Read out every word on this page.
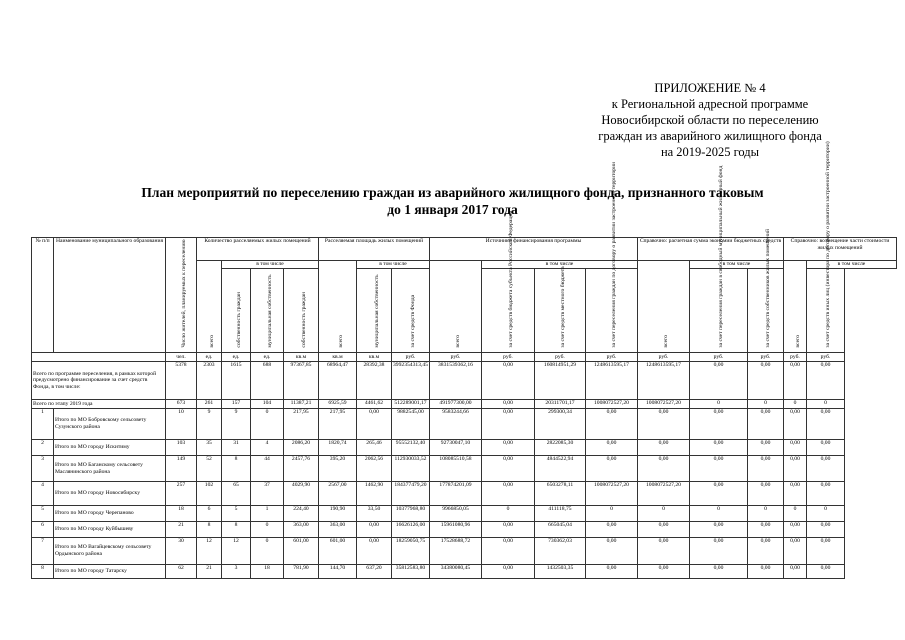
ПРИЛОЖЕНИЕ № 4
к Региональной адресной программе
Новосибирской области по переселению
граждан из аварийного жилищного фонда
на 2019-2025 годы
План мероприятий по переселению граждан из аварийного жилищного фонда, признанного таковым
до 1 января 2017 года
№ п/п	Наименование муниципального образования	Число жителей, планируемых к переселению	Количество расселяемых жилых помещений				Расселяемая площадь жилых помещений			Источники финансирования программы				Справочно: расчетная сумма экономии бюджетных средств			Справочно: возмещение части стоимости жилых помещений	

			всего	в том числе			всего	в том числе		всего	в том числе			всего	в том числе		всего	в том числе

				собственность граждан	муниципальная собственность	собственность граждан		муниципальная собственность	за счет средств Фонда		за счет средств бюджета субъекта Российской Федерации	за счет средств местного бюджета	за счет переселения граждан по договору о развитии застроенной территории		за счет переселения граждан в свободный муниципальный жилищный фонд	за счет средств собственников жилых помещений		за счет средств иных лиц (инвестора по договору о развитии застроенной территории)

		чел.	ед.	ед.	ед.	кв.м	кв.м	кв.м	руб.	руб.	руб.	руб.	руб.	руб.	руб.	руб.	руб.	руб.
Всего по программе переселения, в рамках которой предусмотрено финансирование за счет средств Фонда, в том числе:		5378	2303	1615	688	97367,85	68964,47	28392,38	3992354313,45	3831539362,16	0,00	160814951,29	1248613595,17	1248613595,17	0,00	0,00	0,00	0,00
Всего по этапу 2019 года		673	261	157	104	11387,21	6925,59	4461,62	512289001,17	491977300,00	0,00	20311701,17	1008072527,20	1008072527,20	0	0	0	0
1	Итого по МО Бобровскому сельсовету Сузунского района	10	9	9	0	217,95	217,95	0,00	9882545,00	9583244,66	0,00	299300,34	0,00	0,00	0,00	0,00	0,00	0,00
2	Итого по МО городу Искитиму	103	35	31	4	2086,20	1820,74	265,46	95552132,40	92730047,10	0,00	2822085,30	0,00	0,00	0,00	0,00	0,00	0,00
3	Итого по МО Баганскому сельсовету Маслянинского района	149	52	8	44	2457,76	395,20	2062,56	112930033,52	108085510,58	0,00	4844522,94	0,00	0,00	0,00	0,00	0,00	0,00
4	Итого по МО городу Новосибирску	257	102	65	37	4029,90	2567,00	1462,90	184377479,20	177874201,09	0,00	6503278,11	1008072527,20	1008072527,20	0,00	0,00	0,00	0,00
5	Итого по МО городу Черепаново	18	6	5	1	224,40	190,90	33,50	10377968,80	9966850,05	0	411118,75	0	0	0	0	0	0
6	Итого по МО городу Куйбышеву	21	8	8	0	363,00	363,00	0,00	16626126,00	15961080,96	0,00	665045,04	0,00	0,00	0,00	0,00	0,00	0,00
7	Итого по МО Вагайцевскому сельсовету Ордынского района	30	12	12	0	601,00	601,00	0,00	18259050,75	17528688,72	0,00	730362,03	0,00	0,00	0,00	0,00	0,00	0,00
8	Итого по МО городу Татарску	62	21	3	18	781,90	144,70	637,20	35812583,80	34380080,45	0,00	1432503,35	0,00	0,00	0,00	0,00	0,00	0,00
